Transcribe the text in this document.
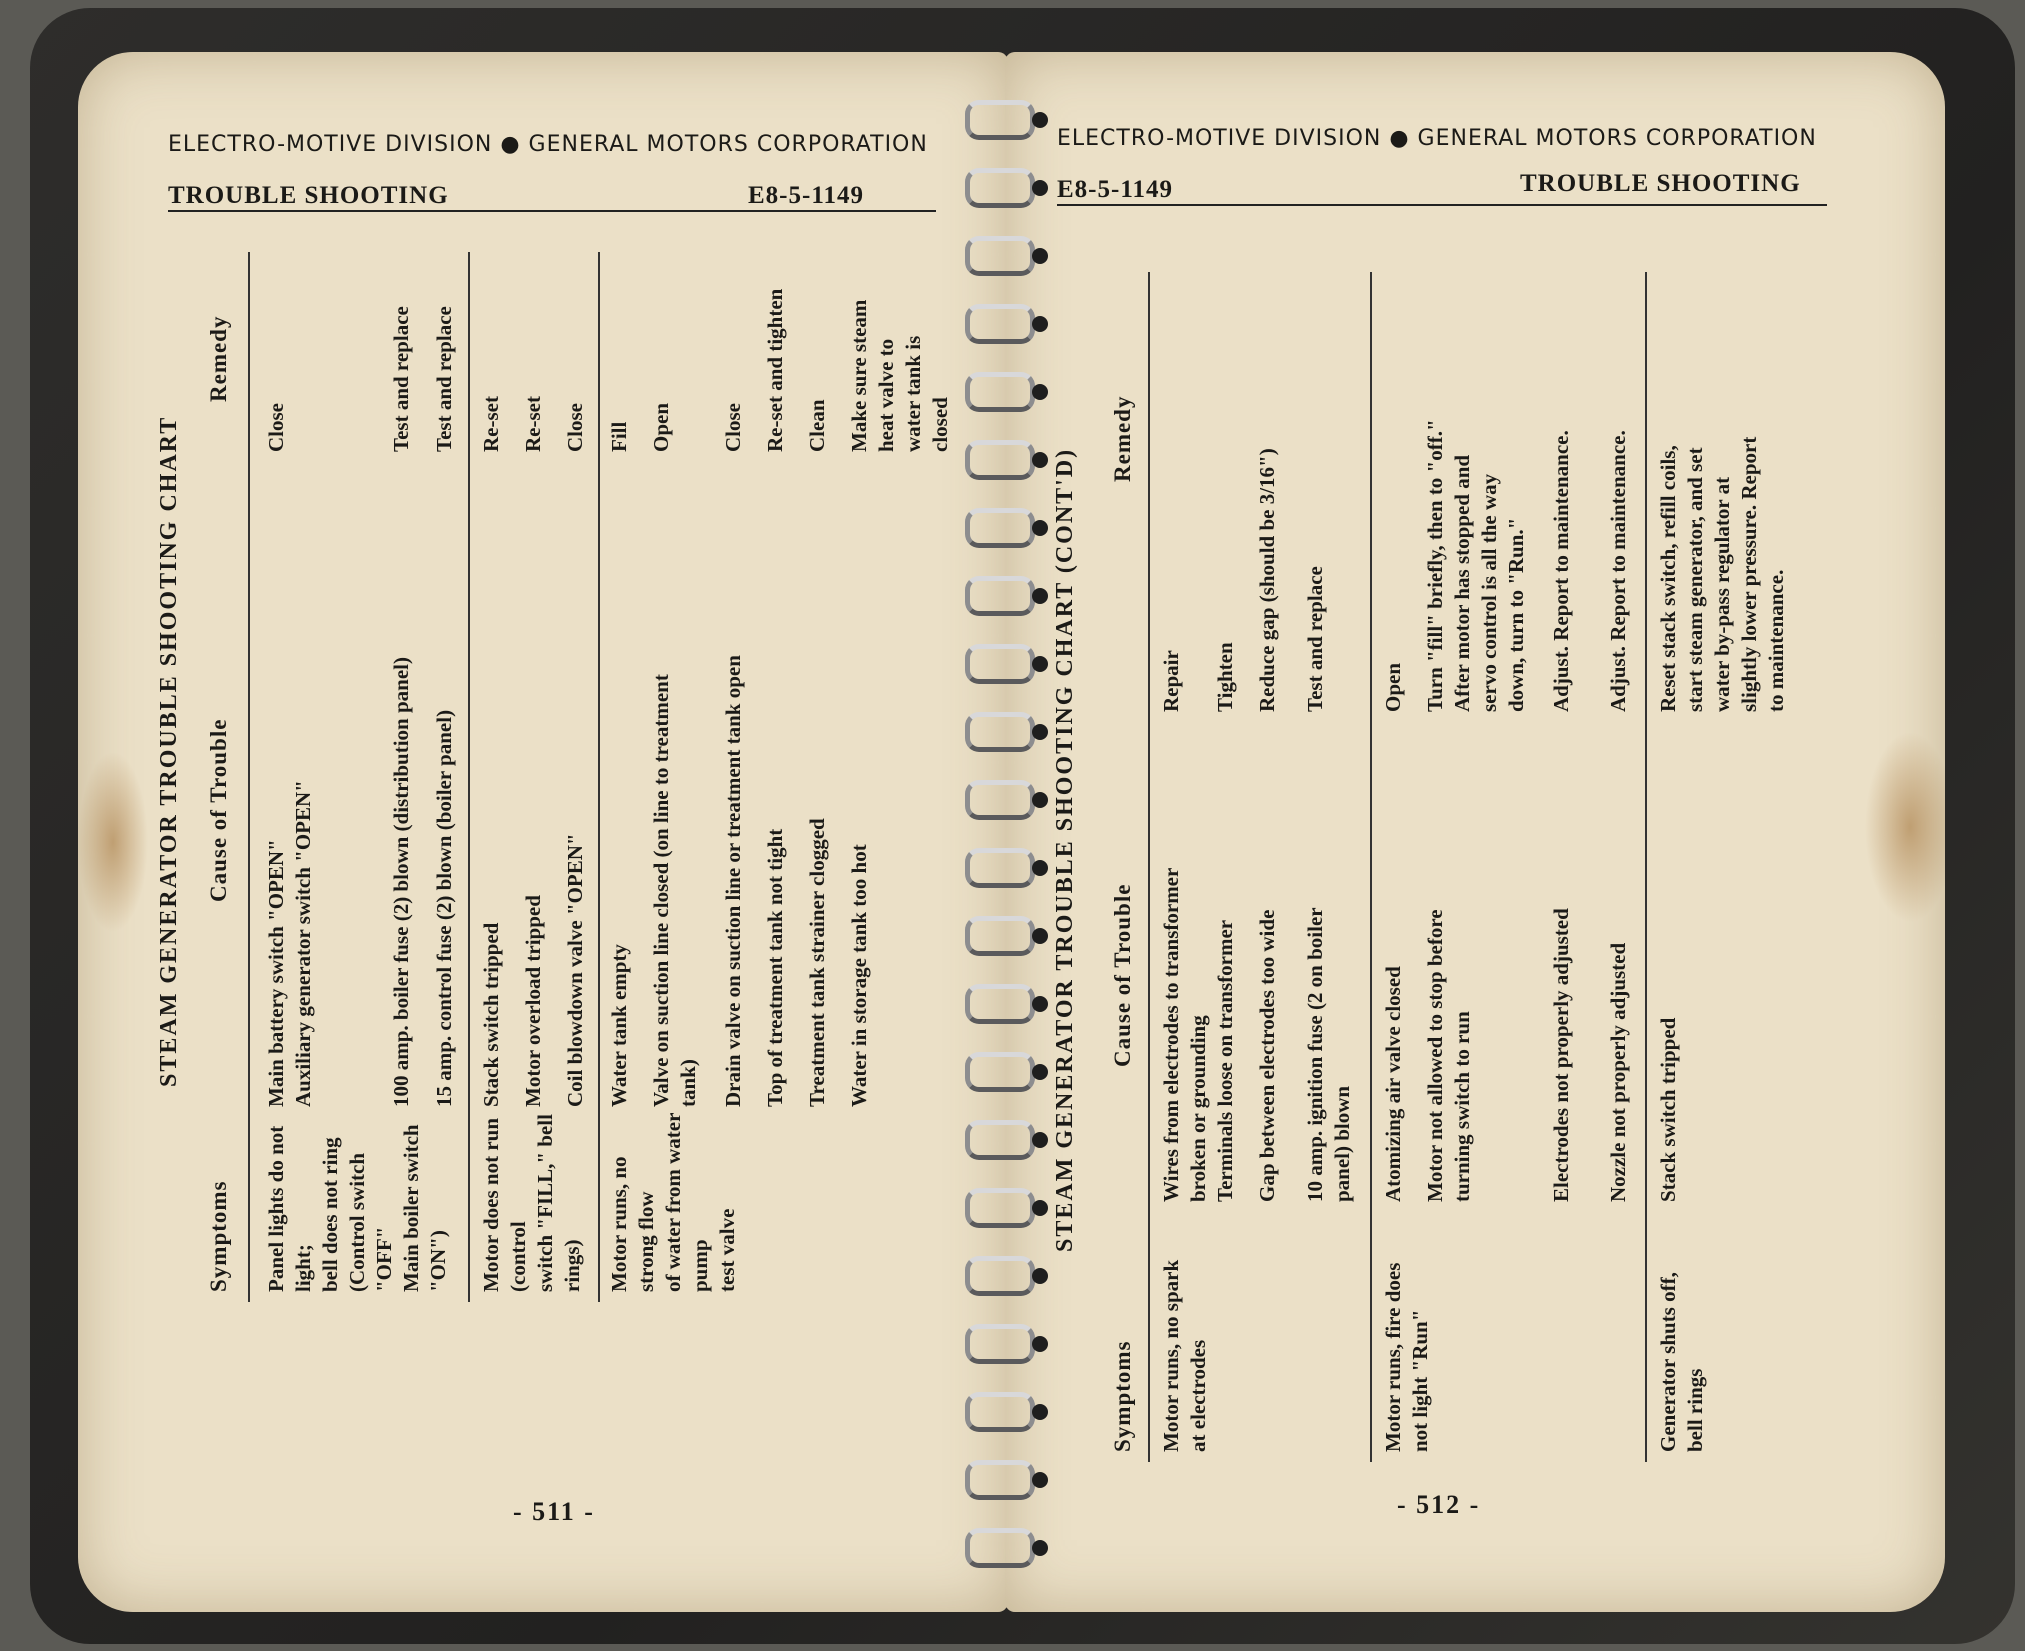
ELECTRO-MOTIVE DIVISION ● GENERAL MOTORS CORPORATION
TROUBLE SHOOTING	E8-5-1149
STEAM GENERATOR TROUBLE SHOOTING CHART
Symptoms
Cause of Trouble
Remedy
Panel lights do not light;
bell does not ring
(Control switch "OFF"
Main boiler switch "ON")
Main battery switch "OPEN"
Auxiliary generator switch "OPEN"
Close
100 amp. boiler fuse (2) blown (distribution panel)
Test and replace
15 amp. control fuse (2) blown (boiler panel)
Test and replace
Motor does not run (control
switch "FILL," bell rings)
Stack switch tripped
Re-set
Motor overload tripped
Re-set
Coil blowdown valve "OPEN"
Close
Motor runs, no strong flow
of water from water pump
test valve
Water tank empty
Fill
Valve on suction line closed (on line to treatment
tank)
Open
Drain valve on suction line or treatment tank open
Close
Top of treatment tank not tight
Re-set and tighten
Treatment tank strainer clogged
Clean
Water in storage tank too hot
Make sure steam
heat valve to
water tank is
closed
- 511 -
ELECTRO-MOTIVE DIVISION ● GENERAL MOTORS CORPORATION
E8-5-1149	TROUBLE SHOOTING
STEAM GENERATOR TROUBLE SHOOTING CHART (CONT'D)
Symptoms
Cause of Trouble
Remedy
Motor runs, no spark
at electrodes
Wires from electrodes to transformer
broken or grounding
Repair
Terminals loose on transformer
Tighten
Gap between electrodes too wide
Reduce gap (should be 3/16")
10 amp. ignition fuse (2 on boiler
panel) blown
Test and replace
Motor runs, fire does
not light "Run"
Atomizing air valve closed
Open
Motor not allowed to stop before
turning switch to run
Turn "fill" briefly, then to "off."
After motor has stopped and
servo control is all the way
down, turn to "Run."
Electrodes not properly adjusted
Adjust. Report to maintenance.
Nozzle not properly adjusted
Adjust. Report to maintenance.
Generator shuts off,
bell rings
Stack switch tripped
Reset stack switch, refill coils,
start steam generator, and set
water by-pass regulator at
slightly lower pressure. Report
to maintenance.
- 512 -
